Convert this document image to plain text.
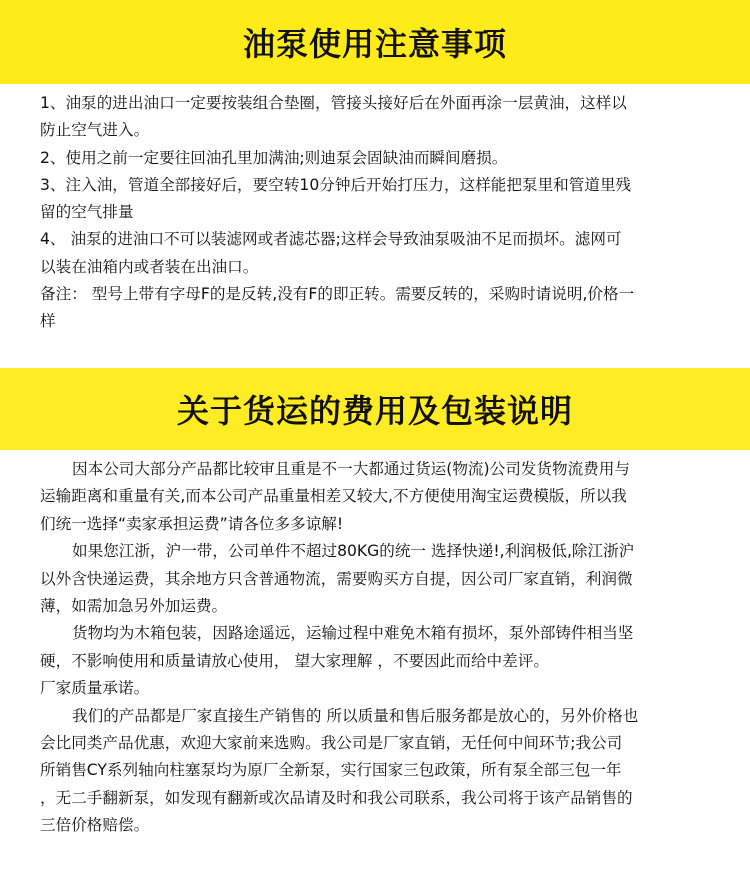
油泵使用注意事项
1、油泵的进出油口一定要按装组合垫圈，管接头接好后在外面再涂一层黄油，这样以
防止空气进入。
2、使用之前一定要往回油孔里加满油;则迪泵会固缺油而瞬间磨损。
3、注入油，管道全部接好后，要空转10分钟后开始打压力，这样能把泵里和管道里残
留的空气排量
4、 油泵的进油口不可以装滤网或者滤芯器;这样会导致油泵吸油不足而损坏。滤网可
以装在油箱内或者装在出油口。
备注： 型号上带有字母F的是反转,没有F的即正转。需要反转的，采购时请说明,价格一
样
关于货运的费用及包装说明
因本公司大部分产品都比较审且重是不一大都通过货运(物流)公司发货物流费用与
运输距离和重量有关,而本公司产品重量相差又较大,不方便使用淘宝运费模版，所以我
们统一选择“卖家承担运费”请各位多多谅解!
如果您江浙，沪一带，公司单件不超过80KG的统一 选择快递!,利润极低,除江浙沪
以外含快递运费，其余地方只含普通物流，需要购买方自提，因公司厂家直销，利润微
薄，如需加急另外加运费。
货物均为木箱包装，因路途遥远，运输过程中难免木箱有损坏，泵外部铸件相当坚
硬，不影响使用和质量请放心使用， 望大家理解 ，不要因此而给中差评。
厂家质量承诺。
我们的产品都是厂家直接生产销售的 所以质量和售后服务都是放心的，另外价格也
会比同类产品优惠，欢迎大家前来选购。我公司是厂家直销，无任何中间环节;我公司
所销售CY系列轴向柱塞泵均为原厂全新泵，实行国家三包政策，所有泵全部三包一年
，无二手翻新泵，如发现有翻新或次品请及时和我公司联系，我公司将于该产品销售的
三倍价格赔偿。
